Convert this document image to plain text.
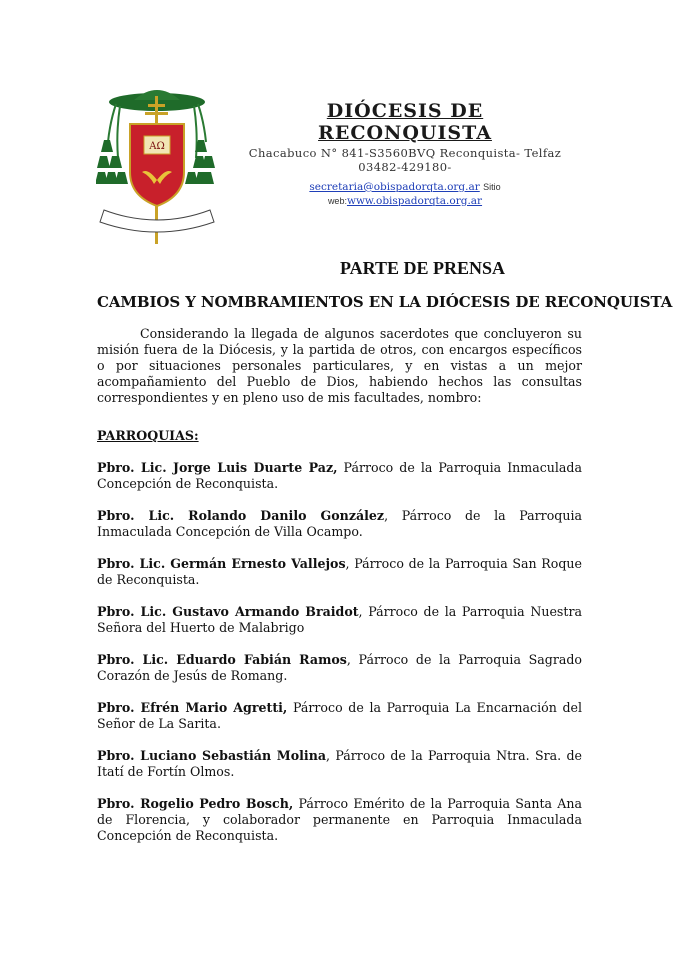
AΩ
DIÓCESIS DE RECONQUISTA
Chacabuco N° 841-S3560BVQ Reconquista- Telfaz 03482-429180-
secretaria@obispadorqta.org.ar Sitio
web:www.obispadorqta.org.ar
PARTE DE PRENSA
CAMBIOS Y NOMBRAMIENTOS EN LA DIÓCESIS DE RECONQUISTA

Considerando la llegada de algunos sacerdotes que concluyeron su misión fuera de la Diócesis, y la partida de otros, con encargos específicos o por situaciones personales particulares, y en vistas a un mejor acompañamiento del Pueblo de Dios, habiendo hechos las consultas correspondientes y en pleno uso de mis facultades, nombro:

PARROQUIAS:

Pbro. Lic. Jorge Luis Duarte Paz, Párroco de la Parroquia Inmaculada Concepción de Reconquista.

Pbro. Lic. Rolando Danilo González, Párroco de la Parroquia Inmaculada Concepción de Villa Ocampo.

Pbro. Lic. Germán Ernesto Vallejos, Párroco de la Parroquia San Roque de Reconquista.

Pbro. Lic. Gustavo Armando Braidot, Párroco de la Parroquia Nuestra Señora del Huerto de Malabrigo

Pbro. Lic. Eduardo Fabián Ramos, Párroco de la Parroquia Sagrado Corazón de Jesús de Romang.

Pbro. Efrén Mario Agretti, Párroco de la Parroquia La Encarnación del Señor de La Sarita.

Pbro. Luciano Sebastián Molina, Párroco de la Parroquia Ntra. Sra. de Itatí de Fortín Olmos.

Pbro. Rogelio Pedro Bosch, Párroco Emérito de la Parroquia Santa Ana de Florencia, y colaborador permanente en Parroquia Inmaculada Concepción de Reconquista.
